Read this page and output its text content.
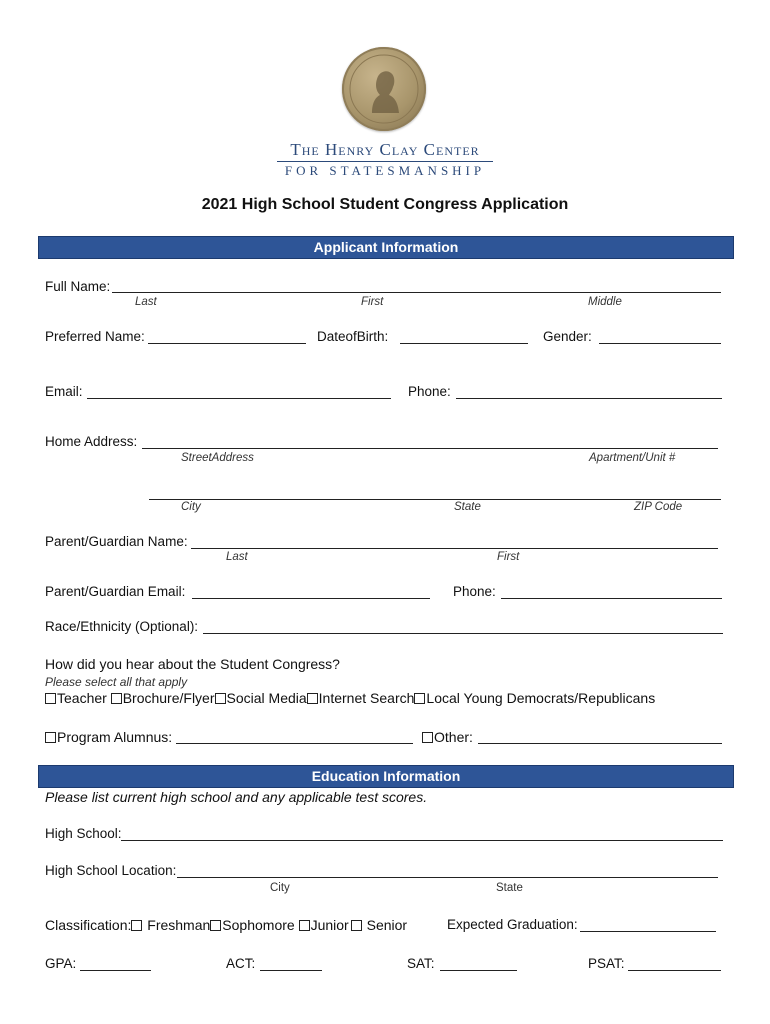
The Henry Clay Center
FOR STATESMANSHIP
2021 High School Student Congress Application
Applicant Information
Full Name:
Last	First	Middle
Preferred Name:	DateofBirth:	Gender:
Email:	Phone:
Home Address:
StreetAddress	Apartment/Unit #
City	State	ZIP Code
Parent/Guardian Name:
Last	First
Parent/Guardian Email:	Phone:
Race/Ethnicity (Optional):
How did you hear about the Student Congress?
Please select all that apply
Teacher Brochure/Flyer Social Media Internet Search Local Young Democrats/Republicans
Program Alumnus:	Other:
Education Information
Please list current high school and any applicable test scores.
High School:
High School Location:
City	State
Classification: Freshman Sophomore Junior Senior	Expected Graduation:
GPA:	ACT:	SAT:	PSAT:
